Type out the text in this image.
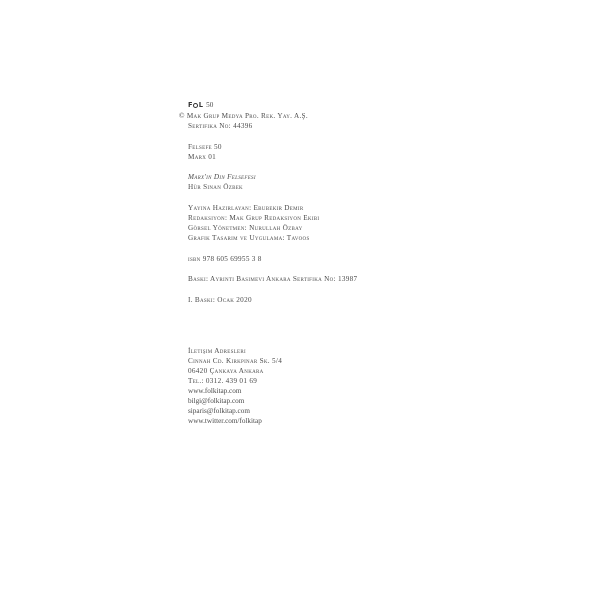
F L 50
© Mak Grup Medya Pro. Rek. Yay. A.Ş.
Sertifika No: 44396
Felsefe 50
Marx 01
Marx'ın Din Felsefesi
Hür Sinan Özbek
Yayına Hazırlayan: Ebubekir Demir
Redaksiyon: Mak Grup Redaksiyon Ekibi
Görsel Yönetmen: Nurullah Özbay
Grafik Tasarım ve Uygulama: Tavoos
isbn 978 605 69955 3 8
Baskı: Ayrıntı Basımevi Ankara Sertifika No: 13987
I. Baskı: Ocak 2020
İletişim Adresleri
Cinnah Cd. Kırkpınar Sk. 5/4
06420 Çankaya Ankara
Tel.: 0312. 439 01 69
www.folkitap.com
bilgi@folkitap.com
siparis@folkitap.com
www.twitter.com/folkitap
